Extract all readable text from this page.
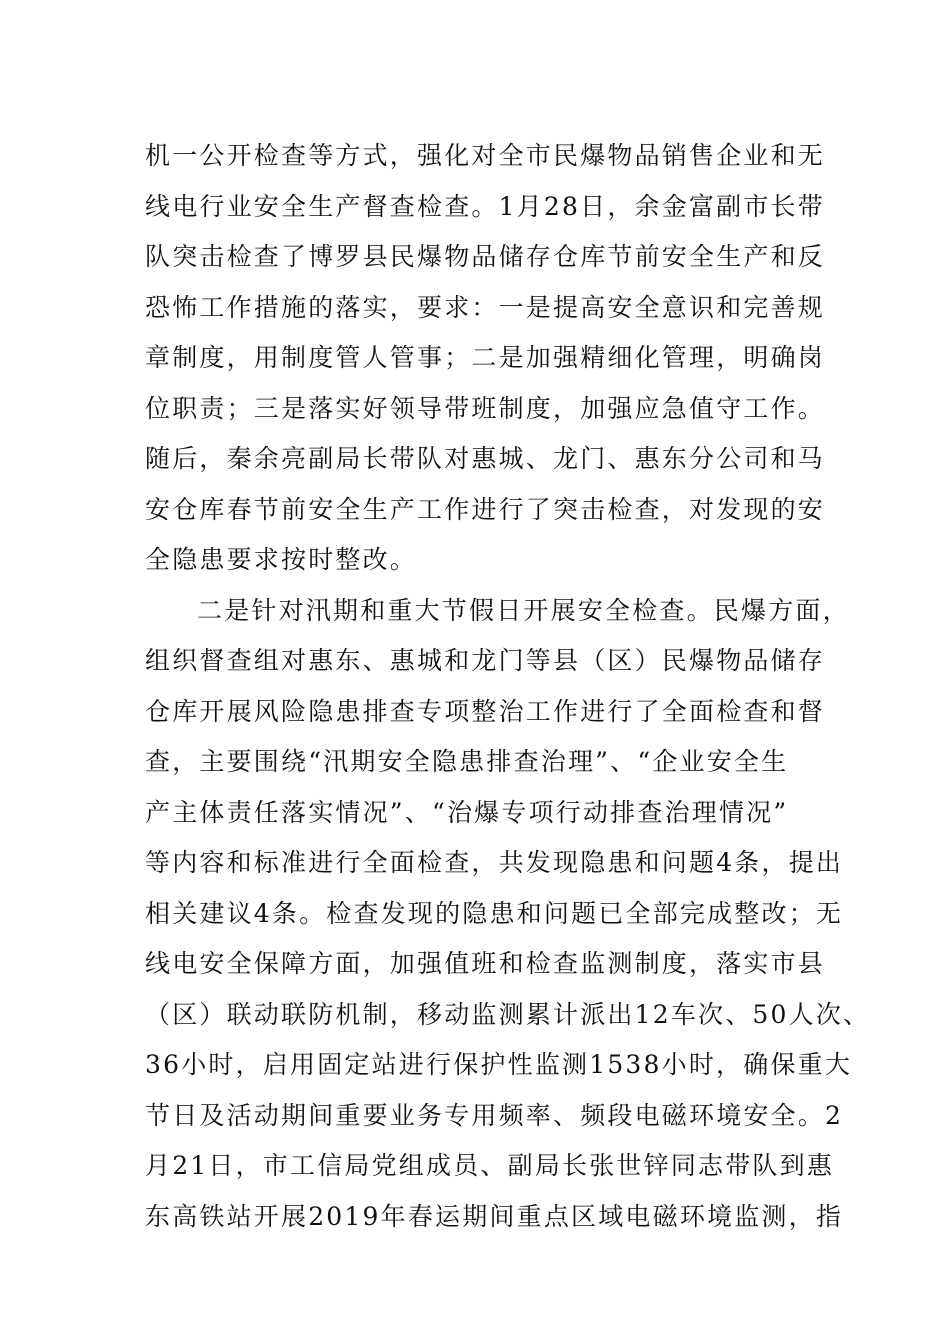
机一公开检查等方式，强化对全市民爆物品销售企业和无
线电行业安全生产督查检查。1月28日，余金富副市长带
队突击检查了博罗县民爆物品储存仓库节前安全生产和反
恐怖工作措施的落实，要求：一是提高安全意识和完善规
章制度，用制度管人管事；二是加强精细化管理，明确岗
位职责；三是落实好领导带班制度，加强应急值守工作。
随后，秦余亮副局长带队对惠城、龙门、惠东分公司和马
安仓库春节前安全生产工作进行了突击检查，对发现的安
全隐患要求按时整改。
二是针对汛期和重大节假日开展安全检查。民爆方面，
组织督查组对惠东、惠城和龙门等县（区）民爆物品储存
仓库开展风险隐患排查专项整治工作进行了全面检查和督
查，主要围绕“汛期安全隐患排查治理”、“企业安全生
产主体责任落实情况”、“治爆专项行动排查治理情况”
等内容和标准进行全面检查，共发现隐患和问题4条，提出
相关建议4条。检查发现的隐患和问题已全部完成整改；无
线电安全保障方面，加强值班和检查监测制度，落实市县
（区）联动联防机制，移动监测累计派出12车次、50人次、
36小时，启用固定站进行保护性监测1538小时，确保重大
节日及活动期间重要业务专用频率、频段电磁环境安全。2
月21日，市工信局党组成员、副局长张世锌同志带队到惠
东高铁站开展2019年春运期间重点区域电磁环境监测，指
